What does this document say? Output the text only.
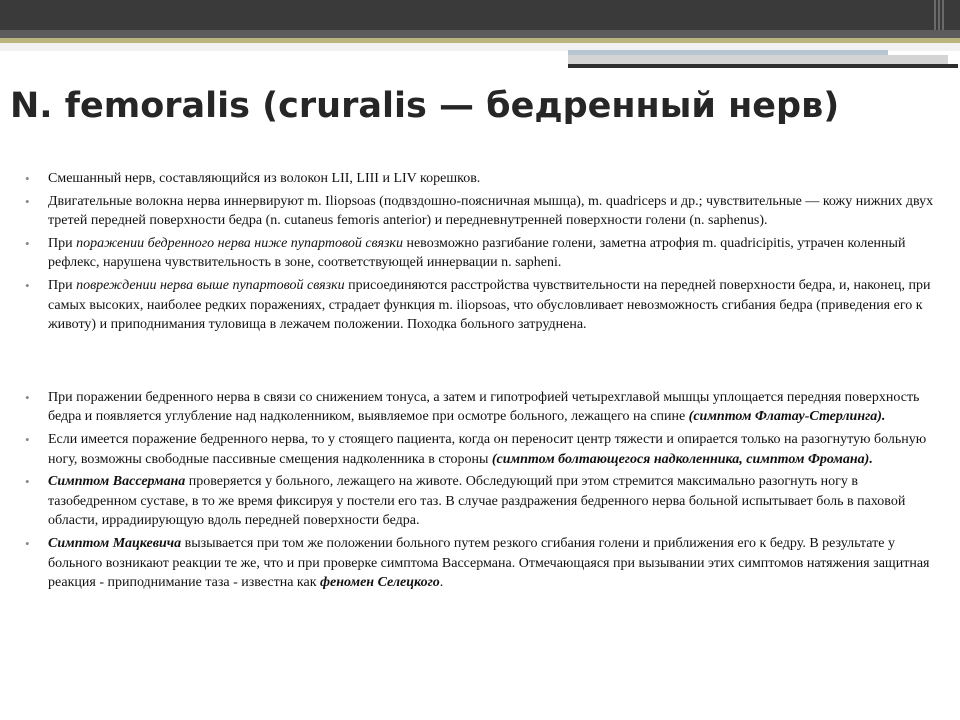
N. femoralis (cruralis — бедренный нерв)
• Смешанный нерв, составляющийся из волокон LII, LIII и LIV корешков.
• Двигательные волокна нерва иннервируют m. Iliopsoas (подвздошно-поясничная мышца), m. quadriceps и др.; чувствительные — кожу нижних двух третей передней поверхности бедра (n. cutaneus femoris anterior) и передневнутренней поверхности голени (n. saphenus).
• При поражении бедренного нерва ниже пупартовой связки невозможно разгибание голени, заметна атрофия m. quadricipitis, утрачен коленный рефлекс, нарушена чувствительность в зоне, соответствующей иннервации n. sapheni.
• При повреждении нерва выше пупартовой связки присоединяются расстройства чувствительности на передней поверхности бедра, и, наконец, при самых высоких, наиболее редких поражениях, страдает функция m. iliopsoas, что обусловливает невозможность сгибания бедра (приведения его к животу) и приподнимания туловища в лежачем положении. Походка больного затруднена.
• При поражении бедренного нерва в связи со снижением тонуса, а затем и гипотрофией четырехглавой мышцы уплощается передняя поверхность бедра и появляется углубление над надколенником, выявляемое при осмотре больного, лежащего на спине (симптом Флатау-Стерлинга).
• Если имеется поражение бедренного нерва, то у стоящего пациента, когда он переносит центр тяжести и опирается только на разогнутую больную ногу, возможны свободные пассивные смещения надколенника в стороны (симптом болтающегося надколенника, симптом Фромана).
• Симптом Вассермана проверяется у больного, лежащего на животе. Обследующий при этом стремится максимально разогнуть ногу в тазобедренном суставе, в то же время фиксируя у постели его таз. В случае раздражения бедренного нерва больной испытывает боль в паховой области, иррадиирующую вдоль передней поверхности бедра.
• Симптом Мацкевича вызывается при том же положении больного путем резкого сгибания голени и приближения его к бедру. В результате у больного возникают реакции те же, что и при проверке симптома Вассермана. Отмечающаяся при вызывании этих симптомов натяжения защитная реакция - приподнимание таза - известна как феномен Селецкого.
